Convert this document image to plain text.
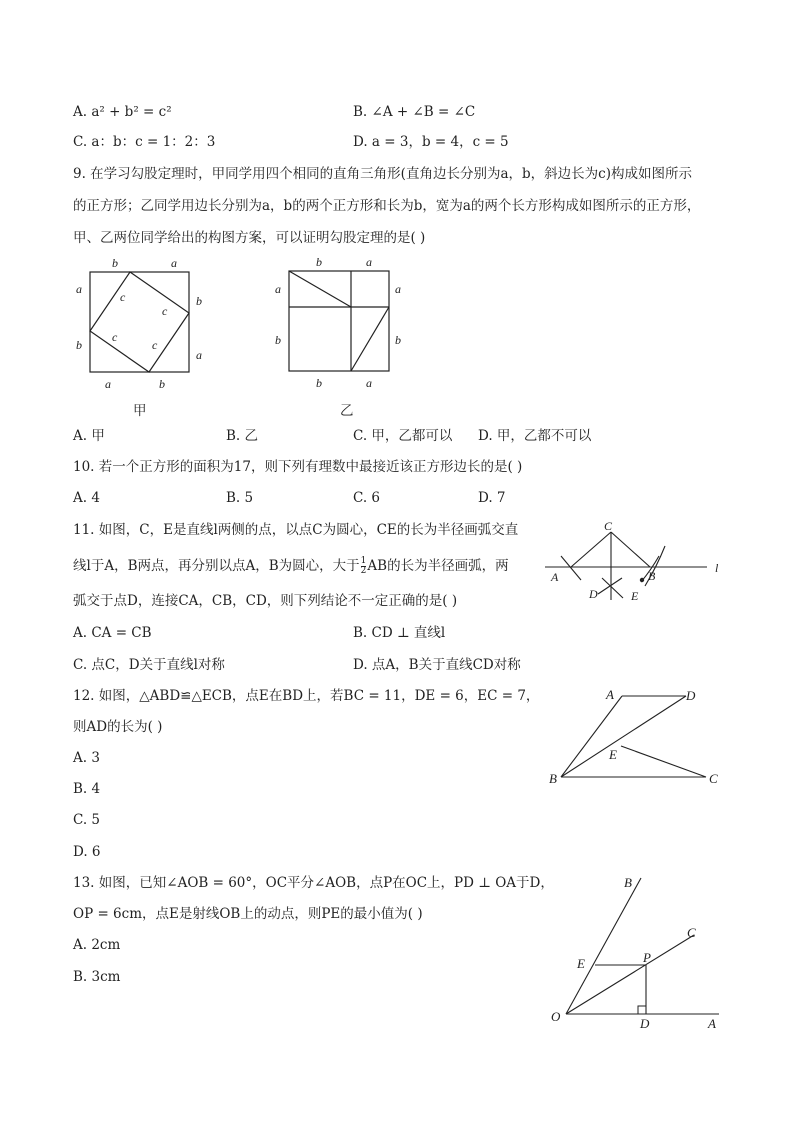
A. a² + b² = c²	B. ∠A + ∠B = ∠C
C. a：b：c = 1：2：3	D. a = 3，b = 4，c = 5
9. 在学习勾股定理时，甲同学用四个相同的直角三角形(直角边长分别为a，b，斜边长为c)构成如图所示
的正方形；乙同学用边长分别为a，b的两个正方形和长为b，宽为a的两个长方形构成如图所示的正方形，
甲、乙两位同学给出的构图方案，可以证明勾股定理的是( )
b	a
a
b
b
a
a	b
c
c
c
c
甲
b	a
a
b
a
b
b	a
乙
A. 甲	B. 乙	C. 甲，乙都可以 D. 甲，乙都不可以
10. 若一个正方形的面积为17，则下列有理数中最接近该正方形边长的是( )
A. 4	B. 5	C. 6	D. 7
11. 如图，C，E是直线l两侧的点，以点C为圆心，CE的长为半径画弧交直
线l于A，B两点，再分别以点A，B为圆心，大于 $\frac{1}{2}$ AB的长为半径画弧，两
弧交于点D，连接CA，CB，CD，则下列结论不一定正确的是( )
C
A	B
D	E
l
A. CA = CB	B. CD ⊥ 直线l
C. 点C，D关于直线l对称	D. 点A，B关于直线CD对称
12. 如图，△ABD≌△ECB，点E在BD上，若BC = 11，DE = 6，EC = 7，
则AD的长为( )
A. 3
B. 4
C. 5
D. 6
A	D
E
B	C
13. 如图，已知∠AOB = 60°，OC平分∠AOB，点P在OC上，PD ⊥ OA于D，
OP = 6cm，点E是射线OB上的动点，则PE的最小值为( )
A. 2cm
B. 3cm
B
C
E	P
O	D	A
